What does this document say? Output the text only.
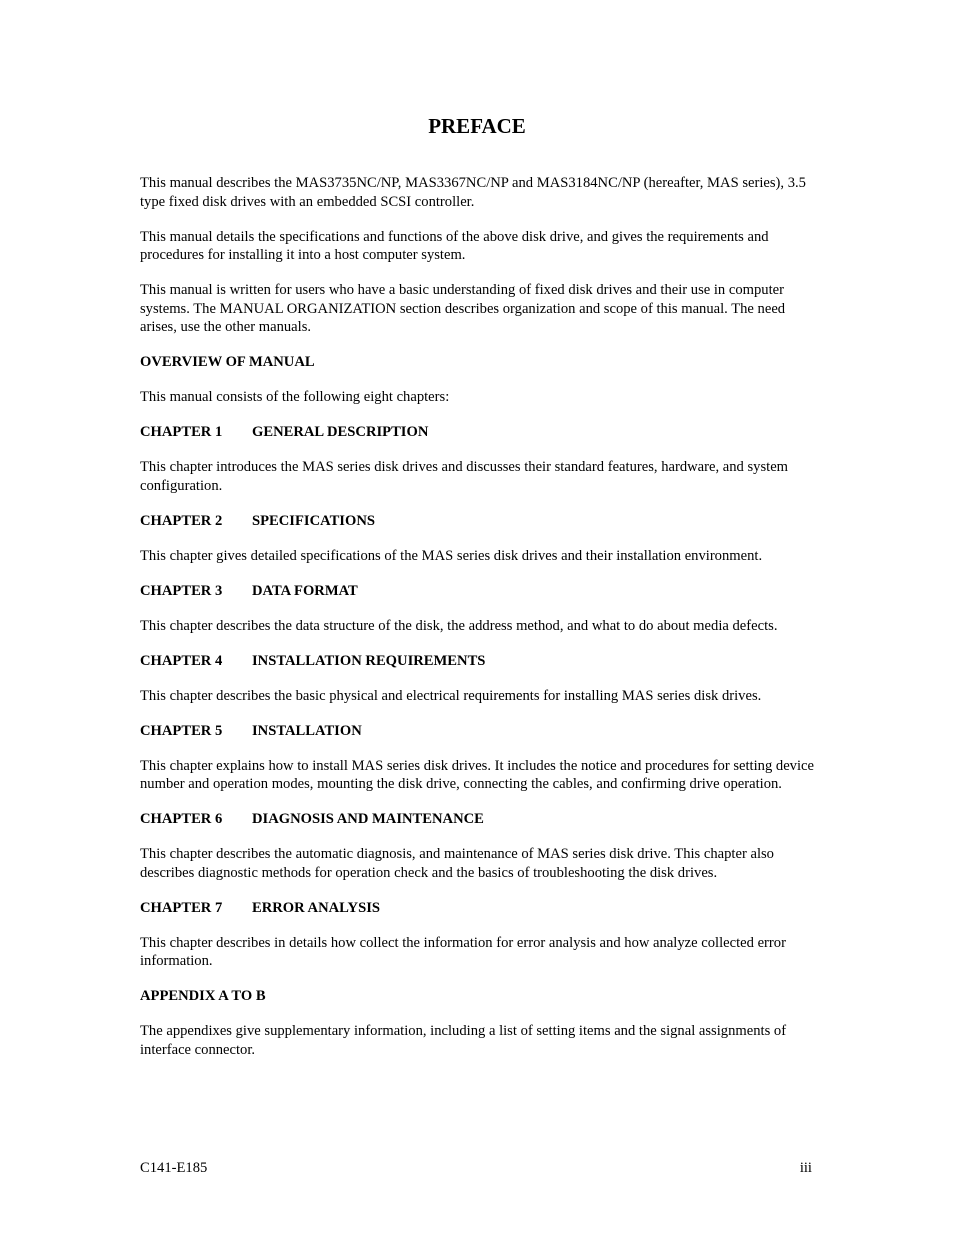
PREFACE

This manual describes the MAS3735NC/NP, MAS3367NC/NP and MAS3184NC/NP (hereafter, MAS series), 3.5 type fixed disk drives with an embedded SCSI controller.

This manual details the specifications and functions of the above disk drive, and gives the requirements and procedures for installing it into a host computer system.

This manual is written for users who have a basic understanding of fixed disk drives and their use in computer systems. The MANUAL ORGANIZATION section describes organization and scope of this manual. The need arises, use the other manuals.

OVERVIEW OF MANUAL

This manual consists of the following eight chapters:

CHAPTER 1 GENERAL DESCRIPTION

This chapter introduces the MAS series disk drives and discusses their standard features, hardware, and system configuration.

CHAPTER 2 SPECIFICATIONS

This chapter gives detailed specifications of the MAS series disk drives and their installation environment.

CHAPTER 3 DATA FORMAT

This chapter describes the data structure of the disk, the address method, and what to do about media defects.

CHAPTER 4 INSTALLATION REQUIREMENTS

This chapter describes the basic physical and electrical requirements for installing MAS series disk drives.

CHAPTER 5 INSTALLATION

This chapter explains how to install MAS series disk drives. It includes the notice and procedures for setting device number and operation modes, mounting the disk drive, connecting the cables, and confirming drive operation.

CHAPTER 6 DIAGNOSIS AND MAINTENANCE

This chapter describes the automatic diagnosis, and maintenance of MAS series disk drive. This chapter also describes diagnostic methods for operation check and the basics of troubleshooting the disk drives.

CHAPTER 7 ERROR ANALYSIS

This chapter describes in details how collect the information for error analysis and how analyze collected error information.

APPENDIX A TO B

The appendixes give supplementary information, including a list of setting items and the signal assignments of interface connector.

C141-E185	iii
